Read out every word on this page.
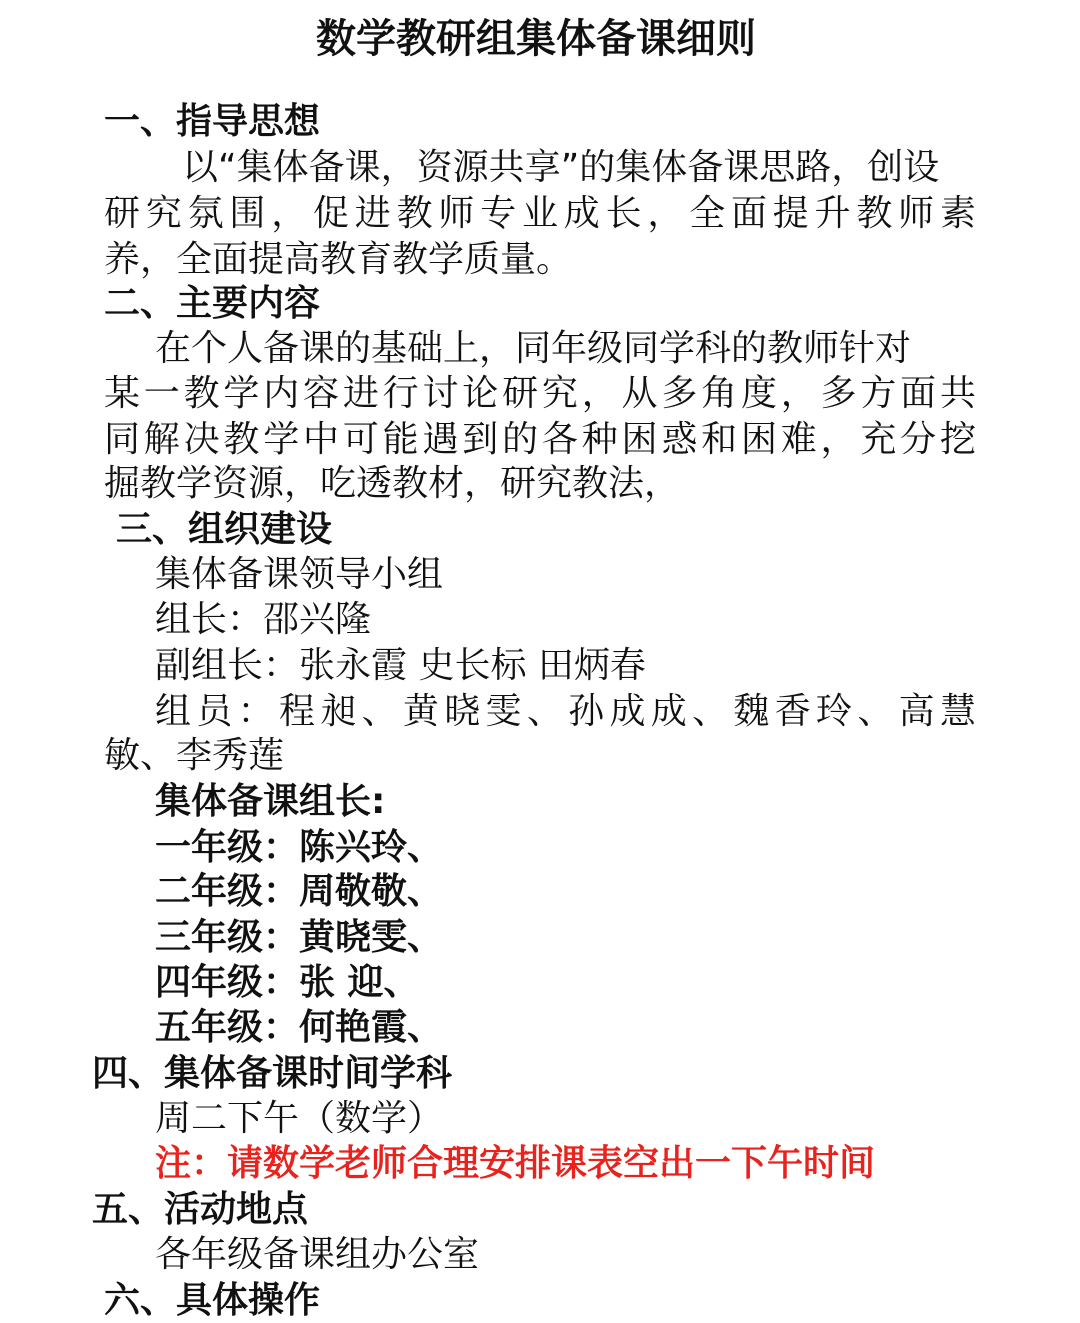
数学教研组集体备课细则
一、指导思想
以“集体备课，资源共享”的集体备课思路，创设
研究氛围，促进教师专业成长，全面提升教师素
养，全面提高教育教学质量。
二、主要内容
在个人备课的基础上，同年级同学科的教师针对
某一教学内容进行讨论研究，从多角度，多方面共
同解决教学中可能遇到的各种困惑和困难，充分挖
掘教学资源，吃透教材，研究教法，
三、组织建设
集体备课领导小组
组长：邵兴隆
副组长：张永霞 史长标 田炳春
组员：程昶、黄晓雯、孙成成、魏香玲、高慧
敏、李秀莲
集体备课组长:
一年级：陈兴玲、
二年级：周敬敬、
三年级：黄晓雯、
四年级：张 迎、
五年级：何艳霞、
四、集体备课时间学科
周二下午（数学）
注：请数学老师合理安排课表空出一下午时间
五、活动地点
各年级备课组办公室
六、具体操作
